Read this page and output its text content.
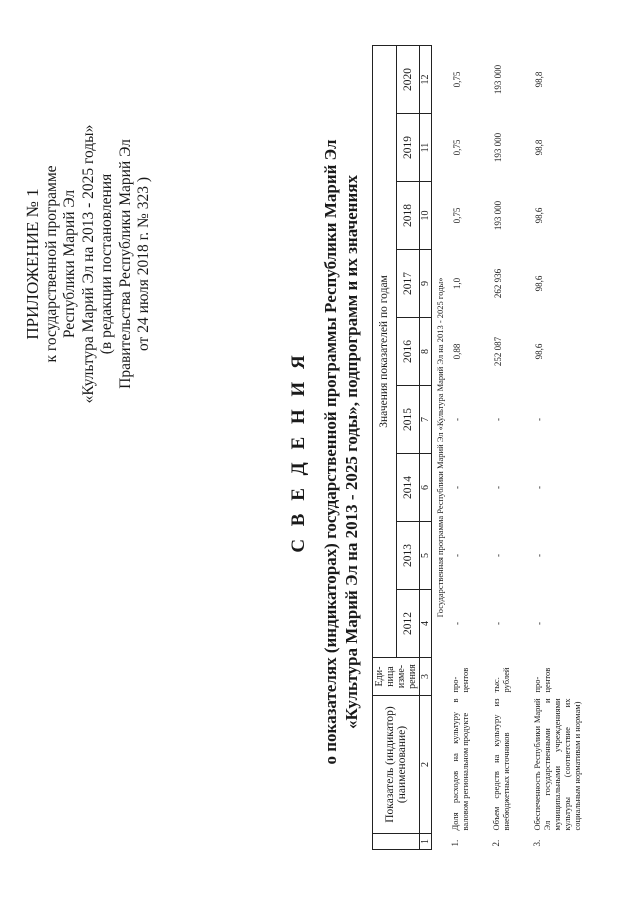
ПРИЛОЖЕНИЕ № 1 к государственной программе Республики Марий Эл «Культура Марий Эл на 2013 - 2025 годы» (в редакции постановления Правительства Республики Марий Эл от 24 июля 2018 г. № 323 )
С В Е Д Е Н И Я о показателях (индикаторах) государственной программы Республики Марий Эл «Культура Марий Эл на 2013 - 2025 годы», подпрограмм и их значениях
	Показатель (индикатор) (наименование)	Еди-ница изме-рения	Значения показателей по годам								
			2012	2013	2014	2015	2016	2017	2018	2019	2020
1	2	3	4	5	6	7	8	9	10	11	12
Государственная программа Республики Марий Эл «Культура Марий Эл на 2013 - 2025 годы»											
1.	Доля расходов на культуру в валовом региональном продукте	про-центов	-	-	-	-	0,88	1,0	0,75	0,75	0,75
2.	Объем средств на культуру из внебюджетных источников	тыс. рублей	-	-	-	-	252 087	262 936	193 000	193 000	193 000
3.	Обеспеченность Республики Марий Эл государственными и муниципальными учреждениями культуры (соответствие их социальным нормативам и нормам)	про-центов	-	-	-	-	98,6	98,6	98,6	98,8	98,8
